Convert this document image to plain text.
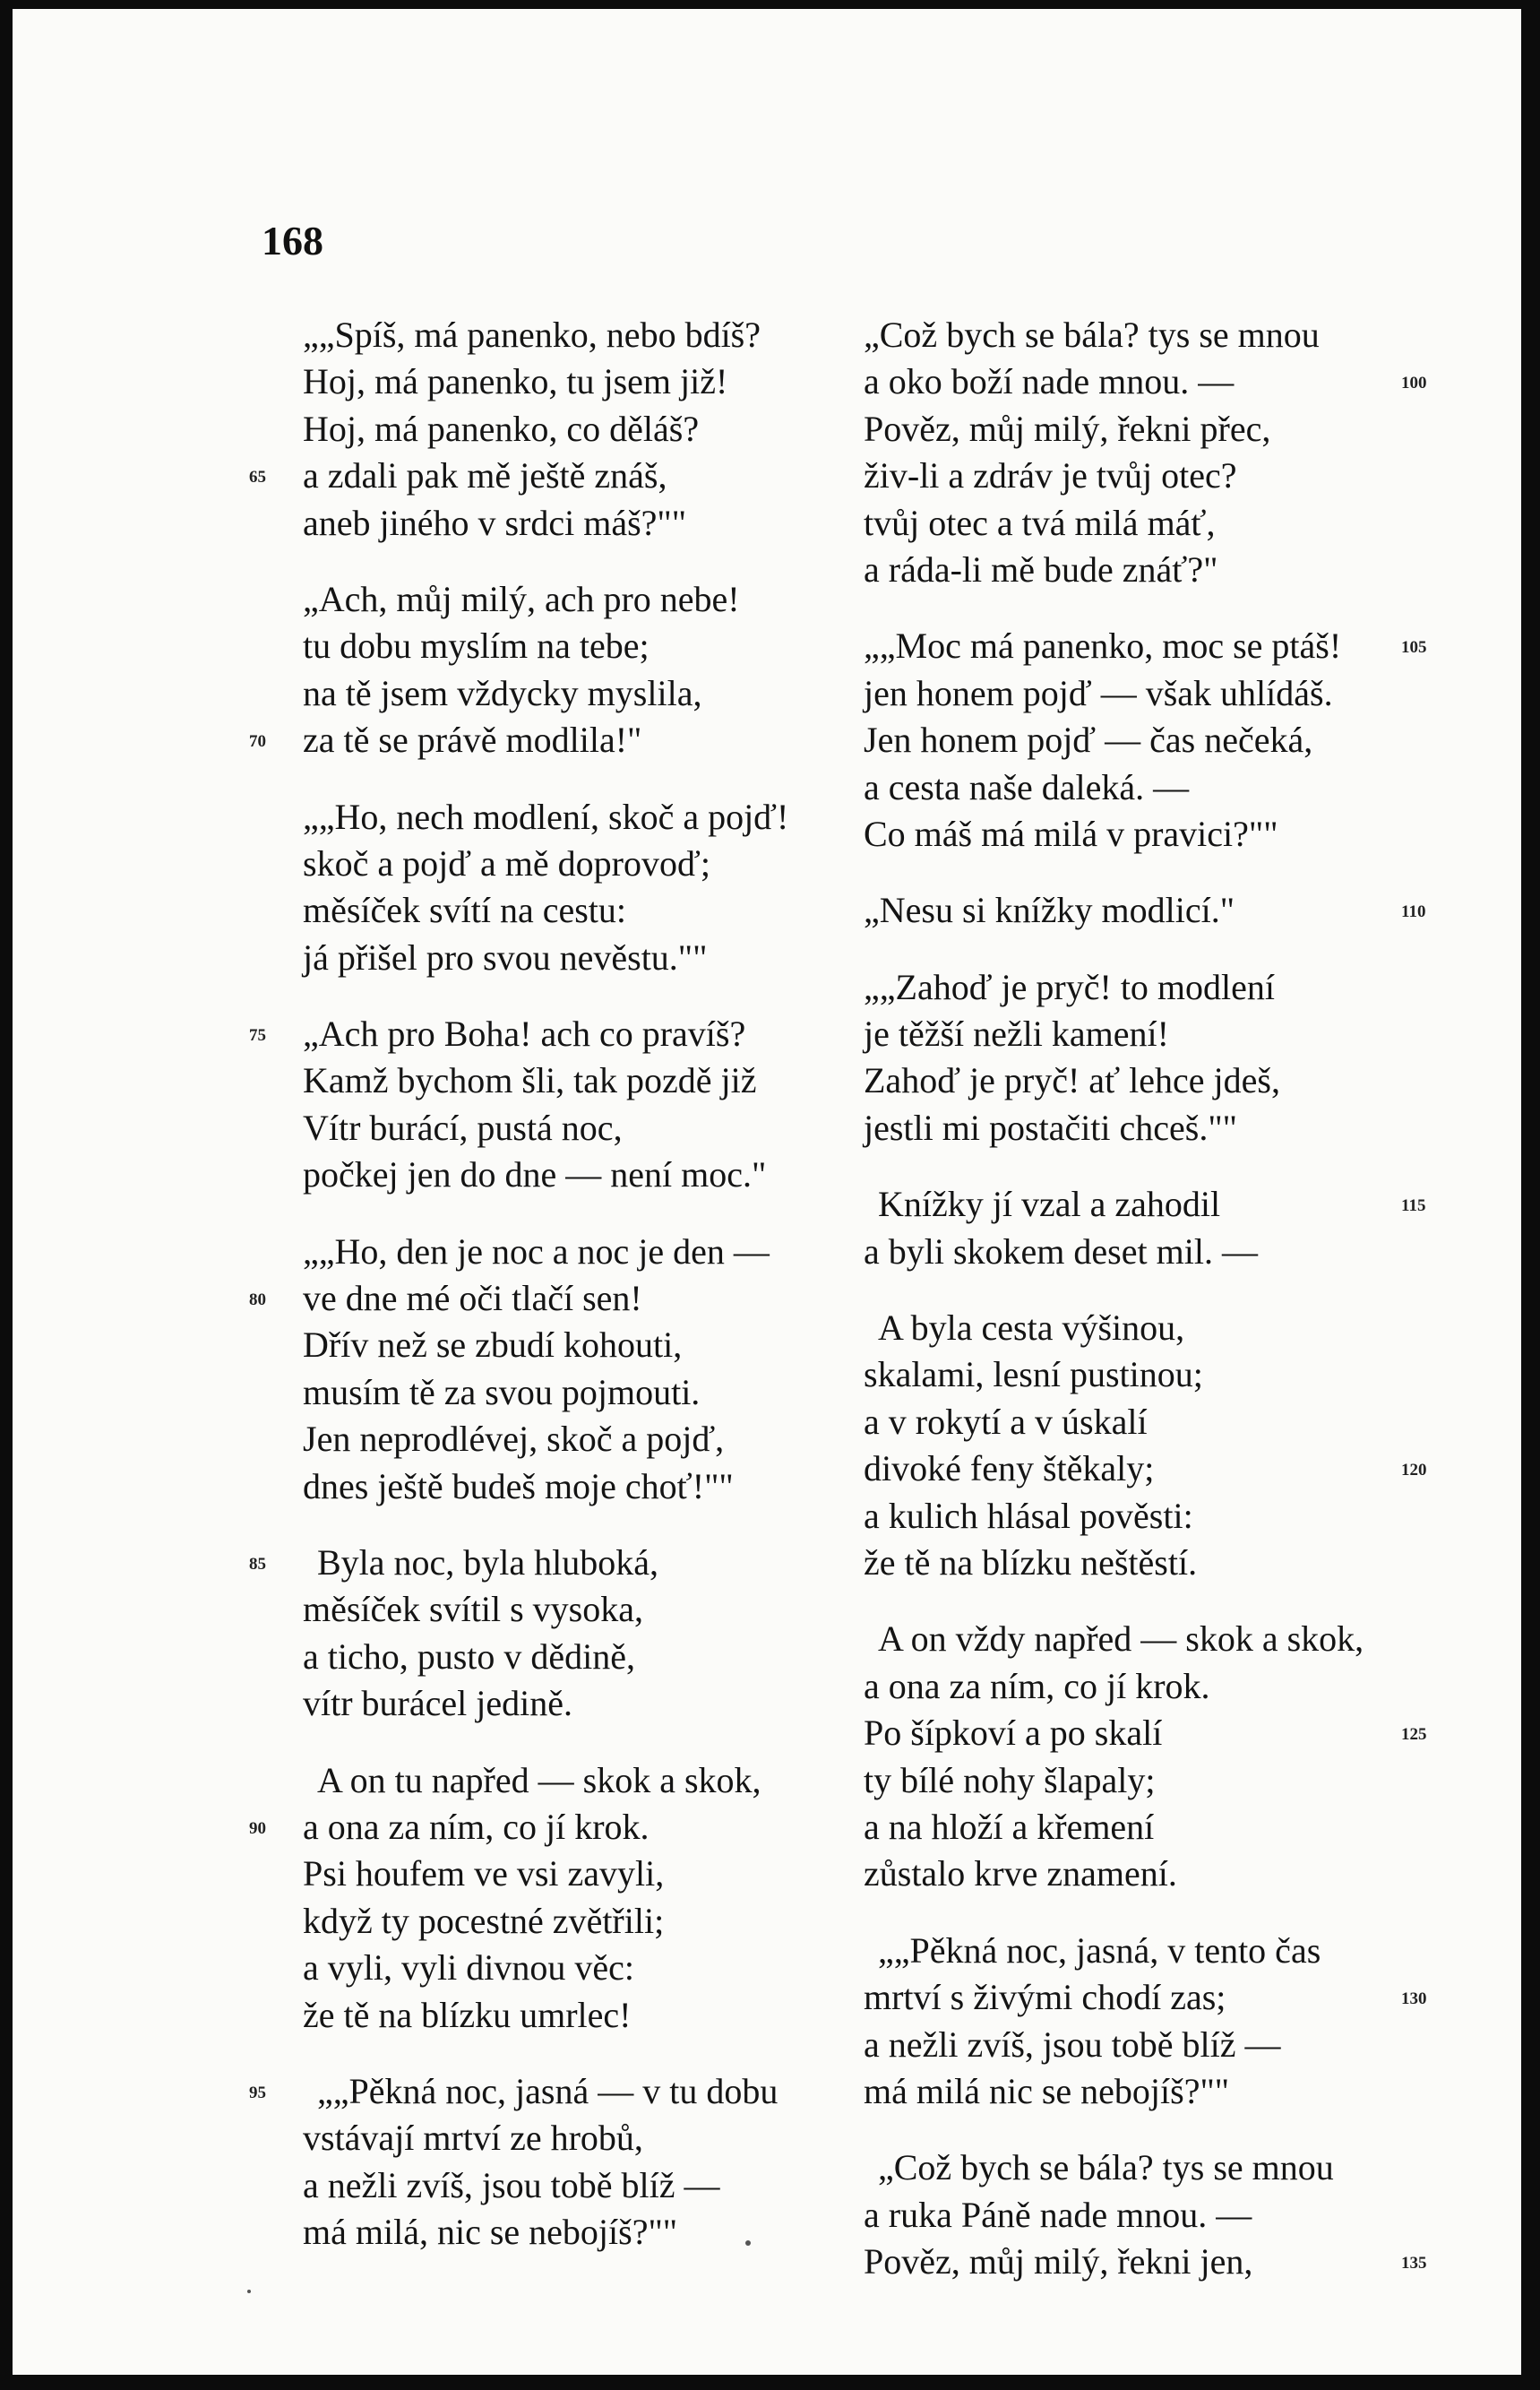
168
„„Spíš, má panenko, nebo bdíš?
Hoj, má panenko, tu jsem již!
Hoj, má panenko, co děláš?
a zdali pak mě ještě znáš,
65
aneb jiného v srdci máš?""
„Ach, můj milý, ach pro nebe!
tu dobu myslím na tebe;
na tě jsem vždycky myslila,
za tě se právě modlila!"
70
„„Ho, nech modlení, skoč a pojď!
skoč a pojď a mě doprovoď;
měsíček svítí na cestu:
já přišel pro svou nevěstu.""
„Ach pro Boha! ach co pravíš?
75
Kamž bychom šli, tak pozdě již
Vítr burácí, pustá noc,
počkej jen do dne — není moc."
„„Ho, den je noc a noc je den —
ve dne mé oči tlačí sen!
80
Dřív než se zbudí kohouti,
musím tě za svou pojmouti.
Jen neprodlévej, skoč a pojď,
dnes ještě budeš moje choť!""
Byla noc, byla hluboká,
85
měsíček svítil s vysoka,
a ticho, pusto v dědině,
vítr burácel jedině.
A on tu napřed — skok a skok,
a ona za ním, co jí krok.
90
Psi houfem ve vsi zavyli,
když ty pocestné zvětřili;
a vyli, vyli divnou věc:
že tě na blízku umrlec!
„„Pěkná noc, jasná — v tu dobu
95
vstávají mrtví ze hrobů,
a nežli zvíš, jsou tobě blíž —
má milá, nic se nebojíš?""
„Což bych se bála? tys se mnou
a oko boží nade mnou. —	100
Pověz, můj milý, řekni přec,
živ-li a zdráv je tvůj otec?
tvůj otec a tvá milá máť,
a ráda-li mě bude znáť?"
„„Moc má panenko, moc se ptáš!	105
jen honem pojď — však uhlídáš.
Jen honem pojď — čas nečeká,
a cesta naše daleká. —
Co máš má milá v pravici?""
„Nesu si knížky modlicí."	110
„„Zahoď je pryč! to modlení
je těžší nežli kamení!
Zahoď je pryč! ať lehce jdeš,
jestli mi postačiti chceš.""
Knížky jí vzal a zahodil	115
a byli skokem deset mil. —
A byla cesta výšinou,
skalami, lesní pustinou;
a v rokytí a v úskalí
divoké feny štěkaly;	120
a kulich hlásal pověsti:
že tě na blízku neštěstí.
A on vždy napřed — skok a skok,
a ona za ním, co jí krok.
Po šípkoví a po skalí	125
ty bílé nohy šlapaly;
a na hloží a křemení
zůstalo krve znamení.
„„Pěkná noc, jasná, v tento čas
mrtví s živými chodí zas;	130
a nežli zvíš, jsou tobě blíž —
má milá nic se nebojíš?""
„Což bych se bála? tys se mnou
a ruka Páně nade mnou. —
Pověz, můj milý, řekni jen,	135
